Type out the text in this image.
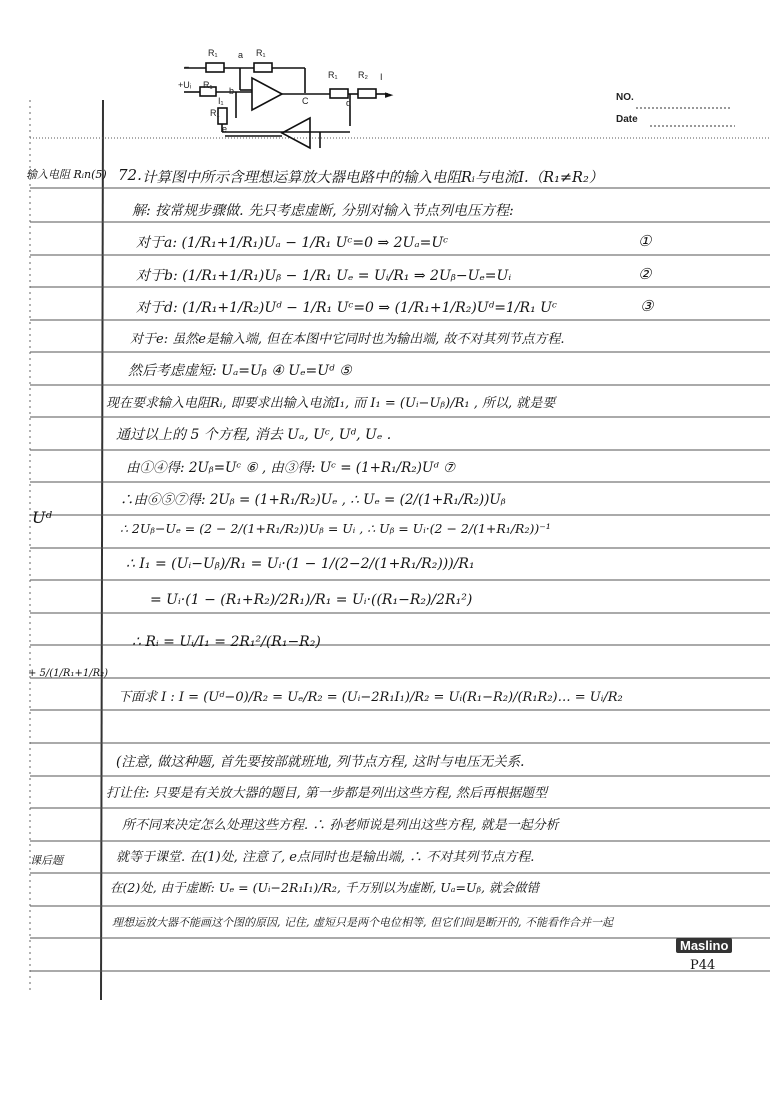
►
R₁ a R₁
−
+Uᵢ R₁
b
I₁
R₁
C
R₁ R₂ I
d
e
NO.
Date
输入电阻 Rᵢn(5)
Uᵈ
+ 5/(1/R₁+1/R₂)
课后题
72. 计算图中所示含理想运算放大器电路中的输入电阻Rᵢ与电流I.（R₁≠R₂）
解: 按常规步骤做. 先只考虑虚断, 分别对输入节点列电压方程:
对于a: (1/R₁+1/R₁)Uₐ − 1/R₁ Uᶜ=0 ⇒ 2Uₐ=Uᶜ	①
对于b: (1/R₁+1/R₁)Uᵦ − 1/R₁ Uₑ = Uᵢ/R₁ ⇒ 2Uᵦ−Uₑ=Uᵢ	②
对于d: (1/R₁+1/R₂)Uᵈ − 1/R₁ Uᶜ=0 ⇒ (1/R₁+1/R₂)Uᵈ=1/R₁ Uᶜ	③
对于e: 虽然e是输入端, 但在本图中它同时也为输出端, 故不对其列节点方程.
然后考虑虚短: Uₐ=Uᵦ ④ Uₑ=Uᵈ ⑤
现在要求输入电阻Rᵢ, 即要求出输入电流I₁, 而 I₁ = (Uᵢ−Uᵦ)/R₁ , 所以, 就是要
通过以上的 5 个方程, 消去 Uₐ, Uᶜ, Uᵈ, Uₑ .
由①④得: 2Uᵦ=Uᶜ ⑥ , 由③得: Uᶜ = (1+R₁/R₂)Uᵈ ⑦
∴由⑥⑤⑦得: 2Uᵦ = (1+R₁/R₂)Uₑ , ∴ Uₑ = (2/(1+R₁/R₂))Uᵦ
∴ 2Uᵦ−Uₑ = (2 − 2/(1+R₁/R₂))Uᵦ = Uᵢ , ∴ Uᵦ = Uᵢ·(2 − 2/(1+R₁/R₂))⁻¹
∴ I₁ = (Uᵢ−Uᵦ)/R₁ = Uᵢ·(1 − 1/(2−2/(1+R₁/R₂)))/R₁
= Uᵢ·(1 − (R₁+R₂)/2R₁)/R₁ = Uᵢ·((R₁−R₂)/2R₁²)
∴ Rᵢ = Uᵢ/I₁ = 2R₁²/(R₁−R₂)
下面求 I : I = (Uᵈ−0)/R₂ = Uₑ/R₂ = (Uᵢ−2R₁I₁)/R₂ = Uᵢ(R₁−R₂)/(R₁R₂)… = Uᵢ/R₂
(注意, 做这种题, 首先要按部就班地, 列节点方程, 这时与电压无关系.
打让住: 只要是有关放大器的题目, 第一步都是列出这些方程, 然后再根据题型
所不同来决定怎么处理这些方程. ∴ 孙老师说是列出这些方程, 就是一起分析
就等于课堂. 在(1)处, 注意了, e点同时也是输出端, ∴ 不对其列节点方程.
在(2)处, 由于虚断: Uₑ = (Uᵢ−2R₁I₁)/R₂, 千万别以为虚断, Uₐ=Uᵦ, 就会做错
理想运放大器不能画这个图的原因, 记住, 虚短只是两个电位相等, 但它们间是断开的, 不能看作合并一起
Maslino
P44
